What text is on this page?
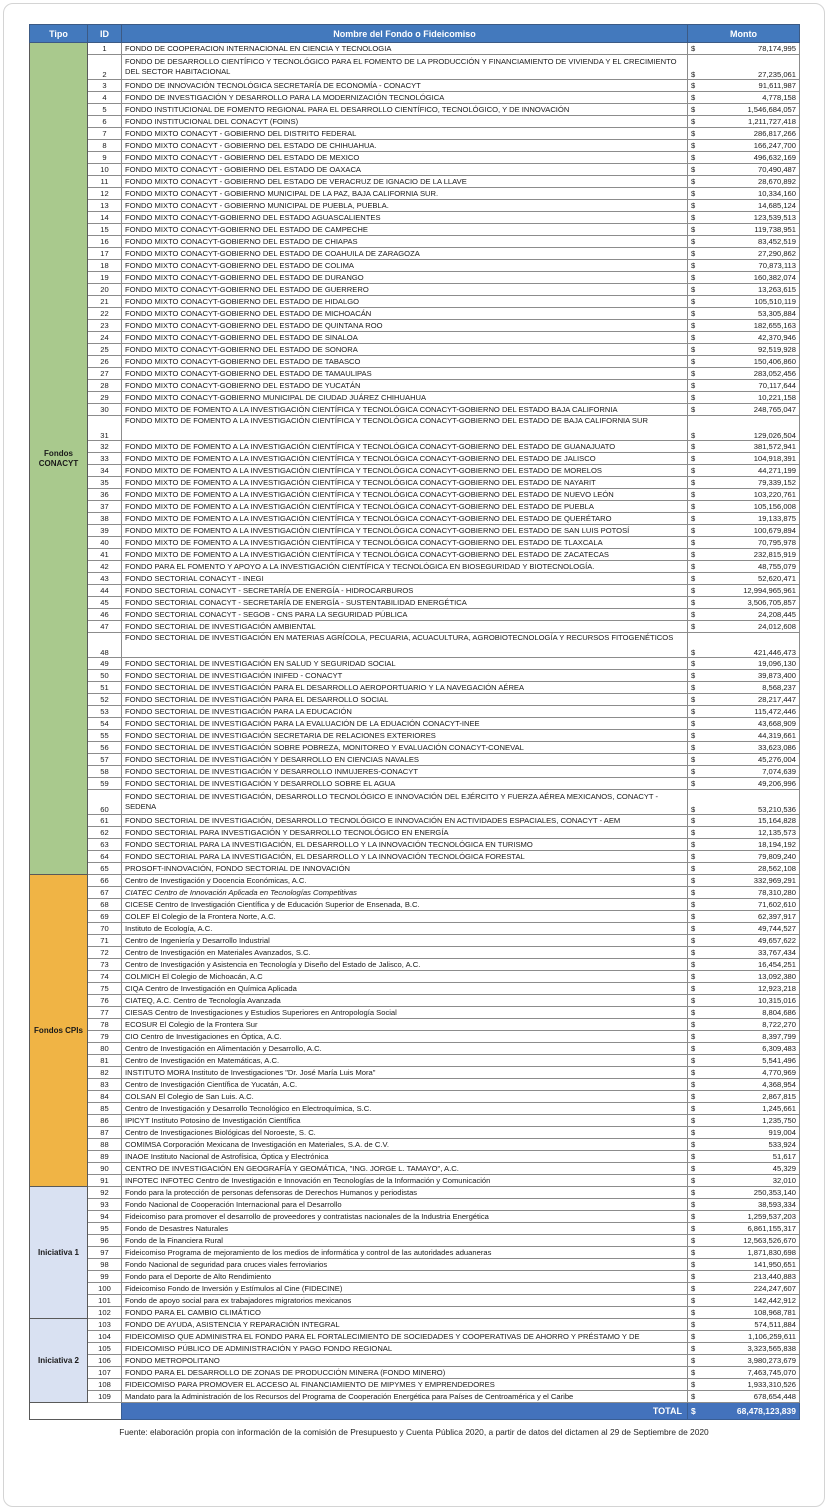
Tipo	ID	Nombre del Fondo o Fideicomiso	Monto

Fondos CONACYT	1	FONDO DE COOPERACION INTERNACIONAL EN CIENCIA Y TECNOLOGIA	$ 78,174,995

	2	FONDO DE DESARROLLO CIENTÍFICO Y TECNOLÓGICO PARA EL FOMENTO DE LA PRODUCCIÓN Y FINANCIAMIENTO DE VIVIENDA Y EL CRECIMIENTO DEL SECTOR HABITACIONAL	$ 27,235,061

	3	FONDO DE INNOVACIÓN TECNOLÓGICA SECRETARÍA DE ECONOMÍA - CONACYT	$ 91,611,987

	4	FONDO DE INVESTIGACIÓN Y DESARROLLO PARA LA MODERNIZACIÓN TECNOLÓGICA	$ 4,778,158

	5	FONDO INSTITUCIONAL DE FOMENTO REGIONAL PARA EL DESARROLLO CIENTÍFICO, TECNOLÓGICO, Y DE INNOVACIÓN	$ 1,546,684,057

	6	FONDO INSTITUCIONAL DEL CONACYT (FOINS)	$ 1,211,727,418

	7	FONDO MIXTO CONACYT - GOBIERNO DEL DISTRITO FEDERAL	$ 286,817,266

	8	FONDO MIXTO CONACYT - GOBIERNO DEL ESTADO DE CHIHUAHUA.	$ 166,247,700

	9	FONDO MIXTO CONACYT - GOBIERNO DEL ESTADO DE MEXICO	$ 496,632,169

	10	FONDO MIXTO CONACYT - GOBIERNO DEL ESTADO DE OAXACA	$ 70,490,487

	11	FONDO MIXTO CONACYT - GOBIERNO DEL ESTADO DE VERACRUZ DE IGNACIO DE LA LLAVE	$ 28,670,892

	12	FONDO MIXTO CONACYT - GOBIERNO MUNICIPAL DE LA PAZ, BAJA CALIFORNIA SUR.	$ 10,334,160

	13	FONDO MIXTO CONACYT - GOBIERNO MUNICIPAL DE PUEBLA, PUEBLA.	$ 14,685,124

	14	FONDO MIXTO CONACYT-GOBIERNO DEL ESTADO AGUASCALIENTES	$ 123,539,513

	15	FONDO MIXTO CONACYT-GOBIERNO DEL ESTADO DE CAMPECHE	$ 119,738,951

	16	FONDO MIXTO CONACYT-GOBIERNO DEL ESTADO DE CHIAPAS	$ 83,452,519

	17	FONDO MIXTO CONACYT-GOBIERNO DEL ESTADO DE COAHUILA DE ZARAGOZA	$ 27,290,862

	18	FONDO MIXTO CONACYT-GOBIERNO DEL ESTADO DE COLIMA	$ 70,873,113

	19	FONDO MIXTO CONACYT-GOBIERNO DEL ESTADO DE DURANGO	$ 160,382,074

	20	FONDO MIXTO CONACYT-GOBIERNO DEL ESTADO DE GUERRERO	$ 13,263,615

	21	FONDO MIXTO CONACYT-GOBIERNO DEL ESTADO DE HIDALGO	$ 105,510,119

	22	FONDO MIXTO CONACYT-GOBIERNO DEL ESTADO DE MICHOACÁN	$ 53,305,884

	23	FONDO MIXTO CONACYT-GOBIERNO DEL ESTADO DE QUINTANA ROO	$ 182,655,163

	24	FONDO MIXTO CONACYT-GOBIERNO DEL ESTADO DE SINALOA	$ 42,370,946

	25	FONDO MIXTO CONACYT-GOBIERNO DEL ESTADO DE SONORA	$ 92,519,928

	26	FONDO MIXTO CONACYT-GOBIERNO DEL ESTADO DE TABASCO	$ 150,406,860

	27	FONDO MIXTO CONACYT-GOBIERNO DEL ESTADO DE TAMAULIPAS	$ 283,052,456

	28	FONDO MIXTO CONACYT-GOBIERNO DEL ESTADO DE YUCATÁN	$ 70,117,644

	29	FONDO MIXTO CONACYT-GOBIERNO MUNICIPAL DE CIUDAD JUÁREZ CHIHUAHUA	$ 10,221,158

	30	FONDO MIXTO DE FOMENTO A LA INVESTIGACIÓN CIENTÍFICA Y TECNOLÓGICA CONACYT-GOBIERNO DEL ESTADO BAJA CALIFORNIA	$ 248,765,047

	31	FONDO MIXTO DE FOMENTO A LA INVESTIGACIÓN CIENTÍFICA Y TECNOLÓGICA CONACYT-GOBIERNO DEL ESTADO DE BAJA CALIFORNIA SUR	$ 129,026,504

	32	FONDO MIXTO DE FOMENTO A LA INVESTIGACIÓN CIENTÍFICA Y TECNOLÓGICA CONACYT-GOBIERNO DEL ESTADO DE GUANAJUATO	$ 381,572,941

	33	FONDO MIXTO DE FOMENTO A LA INVESTIGACIÓN CIENTÍFICA Y TECNOLÓGICA CONACYT-GOBIERNO DEL ESTADO DE JALISCO	$ 104,918,391

	34	FONDO MIXTO DE FOMENTO A LA INVESTIGACIÓN CIENTÍFICA Y TECNOLÓGICA CONACYT-GOBIERNO DEL ESTADO DE MORELOS	$ 44,271,199

	35	FONDO MIXTO DE FOMENTO A LA INVESTIGACIÓN CIENTÍFICA Y TECNOLÓGICA CONACYT-GOBIERNO DEL ESTADO DE NAYARIT	$ 79,339,152

	36	FONDO MIXTO DE FOMENTO A LA INVESTIGACIÓN CIENTÍFICA Y TECNOLÓGICA CONACYT-GOBIERNO DEL ESTADO DE NUEVO LEÓN	$ 103,220,761

	37	FONDO MIXTO DE FOMENTO A LA INVESTIGACIÓN CIENTÍFICA Y TECNOLÓGICA CONACYT-GOBIERNO DEL ESTADO DE PUEBLA	$ 105,156,008

	38	FONDO MIXTO DE FOMENTO A LA INVESTIGACIÓN CIENTÍFICA Y TECNOLÓGICA CONACYT-GOBIERNO DEL ESTADO DE QUERÉTARO	$ 19,133,875

	39	FONDO MIXTO DE FOMENTO A LA INVESTIGACIÓN CIENTÍFICA Y TECNOLÓGICA CONACYT-GOBIERNO DEL ESTADO DE SAN LUIS POTOSÍ	$ 100,679,894

	40	FONDO MIXTO DE FOMENTO A LA INVESTIGACIÓN CIENTÍFICA Y TECNOLÓGICA CONACYT-GOBIERNO DEL ESTADO DE TLAXCALA	$ 70,795,978

	41	FONDO MIXTO DE FOMENTO A LA INVESTIGACIÓN CIENTÍFICA Y TECNOLÓGICA CONACYT-GOBIERNO DEL ESTADO DE ZACATECAS	$ 232,815,919

	42	FONDO PARA EL FOMENTO Y APOYO A LA INVESTIGACIÓN CIENTÍFICA Y TECNOLÓGICA EN BIOSEGURIDAD Y BIOTECNOLOGÍA.	$ 48,755,079

	43	FONDO SECTORIAL CONACYT - INEGI	$ 52,620,471

	44	FONDO SECTORIAL CONACYT - SECRETARÍA DE ENERGÍA - HIDROCARBUROS	$ 12,994,965,961

	45	FONDO SECTORIAL CONACYT - SECRETARÍA DE ENERGÍA - SUSTENTABILIDAD ENERGÉTICA	$ 3,506,705,857

	46	FONDO SECTORIAL CONACYT - SEGOB - CNS PARA LA SEGURIDAD PÚBLICA	$ 24,208,445

	47	FONDO SECTORIAL DE INVESTIGACIÓN AMBIENTAL	$ 24,012,608

	48	FONDO SECTORIAL DE INVESTIGACIÓN EN MATERIAS AGRÍCOLA, PECUARIA, ACUACULTURA, AGROBIOTECNOLOGÍA Y RECURSOS FITOGENÉTICOS	$ 421,446,473

	49	FONDO SECTORIAL DE INVESTIGACIÓN EN SALUD Y SEGURIDAD SOCIAL	$ 19,096,130

	50	FONDO SECTORIAL DE INVESTIGACIÓN INIFED - CONACYT	$ 39,873,400

	51	FONDO SECTORIAL DE INVESTIGACIÓN PARA EL DESARROLLO AEROPORTUARIO Y LA NAVEGACIÓN AÉREA	$ 8,568,237

	52	FONDO SECTORIAL DE INVESTIGACIÓN PARA EL DESARROLLO SOCIAL	$ 28,217,447

	53	FONDO SECTORIAL DE INVESTIGACIÓN PARA LA EDUCACIÓN	$ 115,472,446

	54	FONDO SECTORIAL DE INVESTIGACIÓN PARA LA EVALUACIÓN DE LA EDUACIÓN CONACYT-INEE	$ 43,668,909

	55	FONDO SECTORIAL DE INVESTIGACIÓN SECRETARIA DE RELACIONES EXTERIORES	$ 44,319,661

	56	FONDO SECTORIAL DE INVESTIGACIÓN SOBRE POBREZA, MONITOREO Y EVALUACIÓN CONACYT-CONEVAL	$ 33,623,086

	57	FONDO SECTORIAL DE INVESTIGACIÓN Y DESARROLLO EN CIENCIAS NAVALES	$ 45,276,004

	58	FONDO SECTORIAL DE INVESTIGACIÓN Y DESARROLLO INMUJERES-CONACYT	$ 7,074,639

	59	FONDO SECTORIAL DE INVESTIGACIÓN Y DESARROLLO SOBRE EL AGUA	$ 49,206,996

	60	FONDO SECTORIAL DE INVESTIGACIÓN, DESARROLLO TECNOLÓGICO E INNOVACIÓN DEL EJÉRCITO Y FUERZA AÉREA MEXICANOS, CONACYT - SEDENA	$ 53,210,536

	61	FONDO SECTORIAL DE INVESTIGACIÓN, DESARROLLO TECNOLÓGICO E INNOVACIÓN EN ACTIVIDADES ESPACIALES, CONACYT - AEM	$ 15,164,828

	62	FONDO SECTORIAL PARA INVESTIGACIÓN Y DESARROLLO TECNOLÓGICO EN ENERGÍA	$ 12,135,573

	63	FONDO SECTORIAL PARA LA INVESTIGACIÓN, EL DESARROLLO Y LA INNOVACIÓN TECNOLÓGICA EN TURISMO	$ 18,194,192

	64	FONDO SECTORIAL PARA LA INVESTIGACIÓN, EL DESARROLLO Y LA INNOVACIÓN TECNOLÓGICA FORESTAL	$ 79,809,240

	65	PROSOFT-INNOVACIÓN, FONDO SECTORIAL DE INNOVACIÓN	$ 28,562,108

Fondos CPIs	66	Centro de Investigación y Docencia Económicas, A.C.	$ 332,969,291

	67	CIATEC Centro de Innovación Aplicada en Tecnologías Competitivas	$ 78,310,280

	68	CICESE Centro de Investigación Científica y de Educación Superior de Ensenada, B.C.	$ 71,602,610

	69	COLEF El Colegio de la Frontera Norte, A.C.	$ 62,397,917

	70	Instituto de Ecología, A.C.	$ 49,744,527

	71	Centro de Ingeniería y Desarrollo Industrial	$ 49,657,622

	72	Centro de Investigación en Materiales Avanzados, S.C.	$ 33,767,434

	73	Centro de Investigación y Asistencia en Tecnología y Diseño del Estado de Jalisco, A.C.	$ 16,454,251

	74	COLMICH El Colegio de Michoacán, A.C	$ 13,092,380

	75	CIQA Centro de Investigación en Química Aplicada	$ 12,923,218

	76	CIATEQ, A.C. Centro de Tecnología Avanzada	$ 10,315,016

	77	CIESAS Centro de Investigaciones y Estudios Superiores en Antropología Social	$ 8,804,686

	78	ECOSUR El Colegio de la Frontera Sur	$ 8,722,270

	79	CIO Centro de Investigaciones en Óptica, A.C.	$ 8,397,799

	80	Centro de Investigación en Alimentación y Desarrollo, A.C.	$ 6,309,483

	81	Centro de Investigación en Matemáticas, A.C.	$ 5,541,496

	82	INSTITUTO MORA Instituto de Investigaciones "Dr. José María Luis Mora"	$ 4,770,969

	83	Centro de Investigación Científica de Yucatán, A.C.	$ 4,368,954

	84	COLSAN El Colegio de San Luis. A.C.	$ 2,867,815

	85	Centro de Investigación y Desarrollo Tecnológico en Electroquímica, S.C.	$ 1,245,661

	86	IPICYT Instituto Potosino de Investigación Científica	$ 1,235,750

	87	Centro de Investigaciones Biológicas del Noroeste, S. C.	$ 919,004

	88	COMIMSA Corporación Mexicana de Investigación en Materiales, S.A. de C.V.	$ 533,924

	89	INAOE Instituto Nacional de Astrofísica, Óptica y Electrónica	$ 51,617

	90	CENTRO DE INVESTIGACIÓN EN GEOGRAFÍA Y GEOMÁTICA, "ING. JORGE L. TAMAYO", A.C.	$ 45,329

	91	INFOTEC INFOTEC Centro de Investigación e Innovación en Tecnologías de la Información y Comunicación	$ 32,010

Iniciativa 1	92	Fondo para la protección de personas defensoras de Derechos Humanos y periodistas	$ 250,353,140

	93	Fondo Nacional de Cooperación Internacional para el Desarrollo	$ 38,593,334

	94	Fideicomiso para promover el desarrollo de proveedores y contratistas nacionales de la Industria Energética	$ 1,259,537,203

	95	Fondo de Desastres Naturales	$ 6,861,155,317

	96	Fondo de la Financiera Rural	$ 12,563,526,670

	97	Fideicomiso Programa de mejoramiento de los medios de informática y control de las autoridades aduaneras	$ 1,871,830,698

	98	Fondo Nacional de seguridad para cruces viales ferroviarios	$ 141,950,651

	99	Fondo para el Deporte de Alto Rendimiento	$ 213,440,883

	100	Fideicomiso Fondo de Inversión y Estímulos al Cine (FIDECINE)	$ 224,247,607

	101	Fondo de apoyo social para ex trabajadores migratorios mexicanos	$ 142,442,912

	102	FONDO PARA EL CAMBIO CLIMÁTICO	$ 108,968,781

Iniciativa 2	103	FONDO DE AYUDA, ASISTENCIA Y REPARACIÓN INTEGRAL	$ 574,511,884

	104	FIDEICOMISO QUE ADMINISTRA EL FONDO PARA EL FORTALECIMIENTO DE SOCIEDADES Y COOPERATIVAS DE AHORRO Y PRÉSTAMO Y DE	$ 1,106,259,611

	105	FIDEICOMISO PÚBLICO DE ADMINISTRACIÓN Y PAGO FONDO REGIONAL	$ 3,323,565,838

	106	FONDO METROPOLITANO	$ 3,980,273,679

	107	FONDO PARA EL DESARROLLO DE ZONAS DE PRODUCCIÓN MINERA (FONDO MINERO)	$ 7,463,745,070

	108	FIDEICOMISO PARA PROMOVER EL ACCESO AL FINANCIAMIENTO DE MIPYMES Y EMPRENDEDORES	$ 1,933,310,526

	109	Mandato para la Administración de los Recursos del Programa de Cooperación Energética para Países de Centroamérica y el Caribe	$ 678,654,448

		TOTAL	$ 68,478,123,839
Fuente: elaboración propia con información de la comisión de Presupuesto y Cuenta Pública 2020, a partir de datos del dictamen al 29 de Septiembre de 2020
